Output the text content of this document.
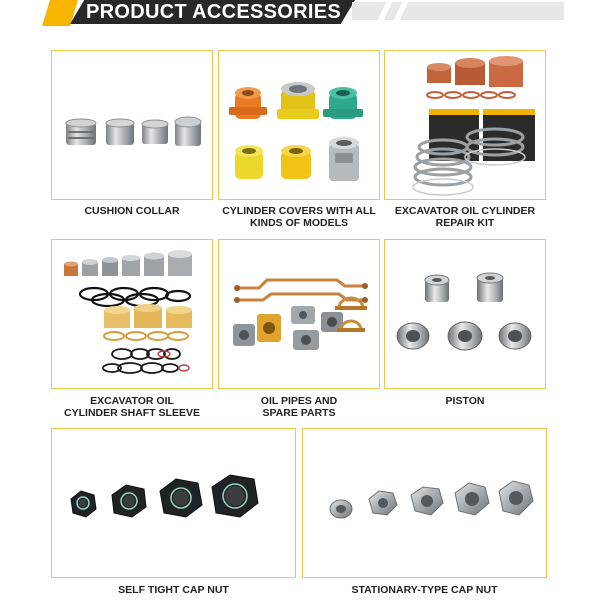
PRODUCT ACCESSORIES
CUSHION COLLAR	CYLINDER COVERS WITH ALL
KINDS OF MODELS
EXCAVATOR OIL CYLINDER
REPAIR KIT
EXCAVATOR OIL
CYLINDER SHAFT SLEEVE
OIL PIPES AND
SPARE PARTS
PISTON
SELF TIGHT CAP NUT	STATIONARY-TYPE CAP NUT
